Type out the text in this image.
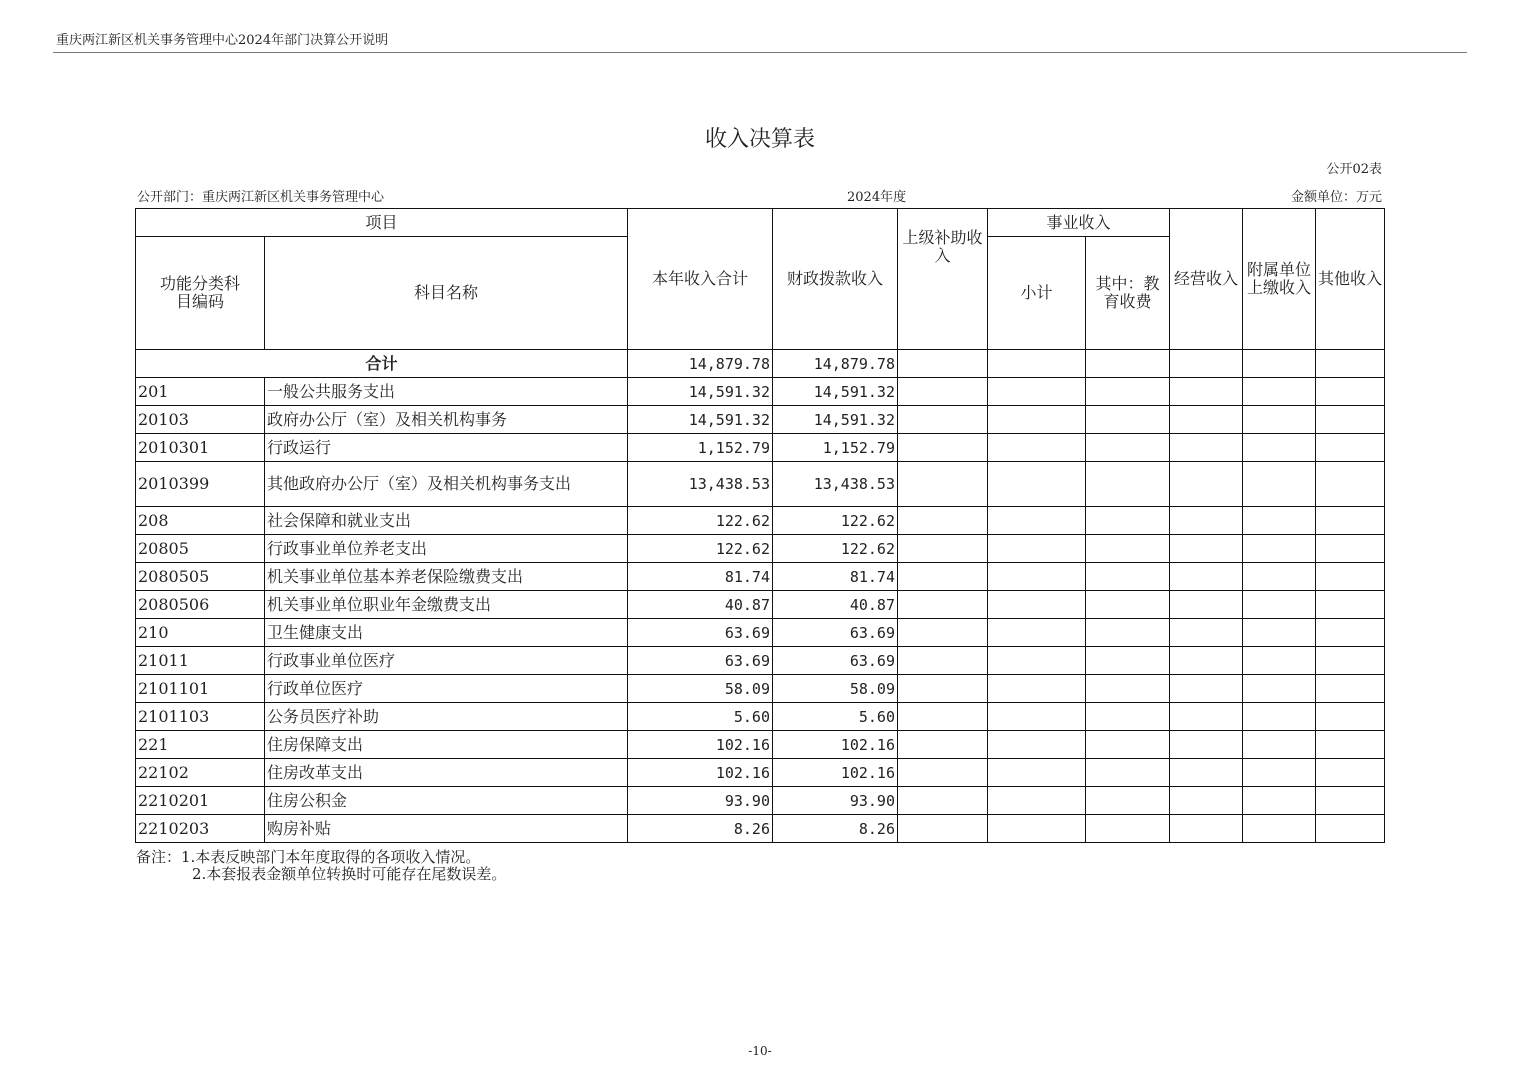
重庆两江新区机关事务管理中心2024年部门决算公开说明
收入决算表
公开02表
公开部门：重庆两江新区机关事务管理中心	2024年度	金额单位：万元
项目		本年收入合计	财政拨款收入	上级补助收入	事业收入		经营收入	附属单位上缴收入	其他收入
功能分类科目编码	科目名称				小计	其中：教育收费			
合计		14,879.78	14,879.78						
201	一般公共服务支出	14,591.32	14,591.32						
20103	政府办公厅（室）及相关机构事务	14,591.32	14,591.32						
2010301	行政运行	1,152.79	1,152.79						
2010399	其他政府办公厅（室）及相关机构事务支出	13,438.53	13,438.53						
208	社会保障和就业支出	122.62	122.62						
20805	行政事业单位养老支出	122.62	122.62						
2080505	机关事业单位基本养老保险缴费支出	81.74	81.74						
2080506	机关事业单位职业年金缴费支出	40.87	40.87						
210	卫生健康支出	63.69	63.69						
21011	行政事业单位医疗	63.69	63.69						
2101101	行政单位医疗	58.09	58.09						
2101103	公务员医疗补助	5.60	5.60						
221	住房保障支出	102.16	102.16						
22102	住房改革支出	102.16	102.16						
2210201	住房公积金	93.90	93.90						
2210203	购房补贴	8.26	8.26						
备注：1.本表反映部门本年度取得的各项收入情况。
2.本套报表金额单位转换时可能存在尾数误差。
-10-
